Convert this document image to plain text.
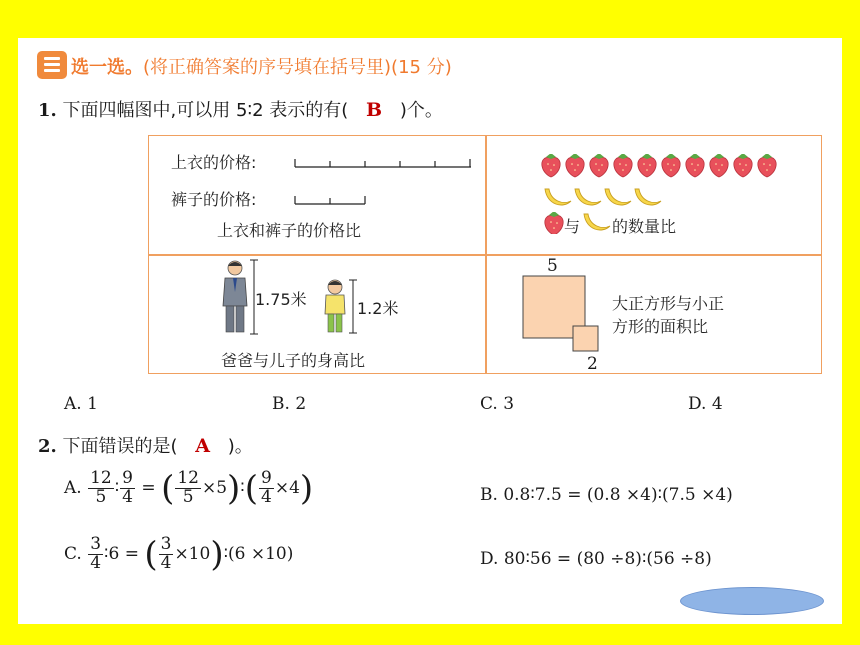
选一选。(将正确答案的序号填在括号里)(15 分)
1. 下面四幅图中,可以用 5∶2 表示的有( B )个。
上衣的价格:
裤子的价格:
上衣和裤子的价格比	与 的数量比
1.75米	1.2米
爸爸与儿子的身高比
5
2
大正方形与小正
方形的面积比
A. 1	B. 2	C. 3	D. 4
2. 下面错误的是( A )。
A. $\frac{12}{5}$ ∶ $\frac{9}{4}$ = ( $\frac{12}{5}$ ×5)∶( $\frac{9}{4} \times 4$)	B. 0.8∶7.5 = (0.8 ×4)∶(7.5 ×4)
C. $\frac{3}{4}$ ∶6 = ( $\frac{3}{4}$ ×10)∶(6 ×10)	D. 80∶56 = (80 ÷8)∶(56 ÷8)
